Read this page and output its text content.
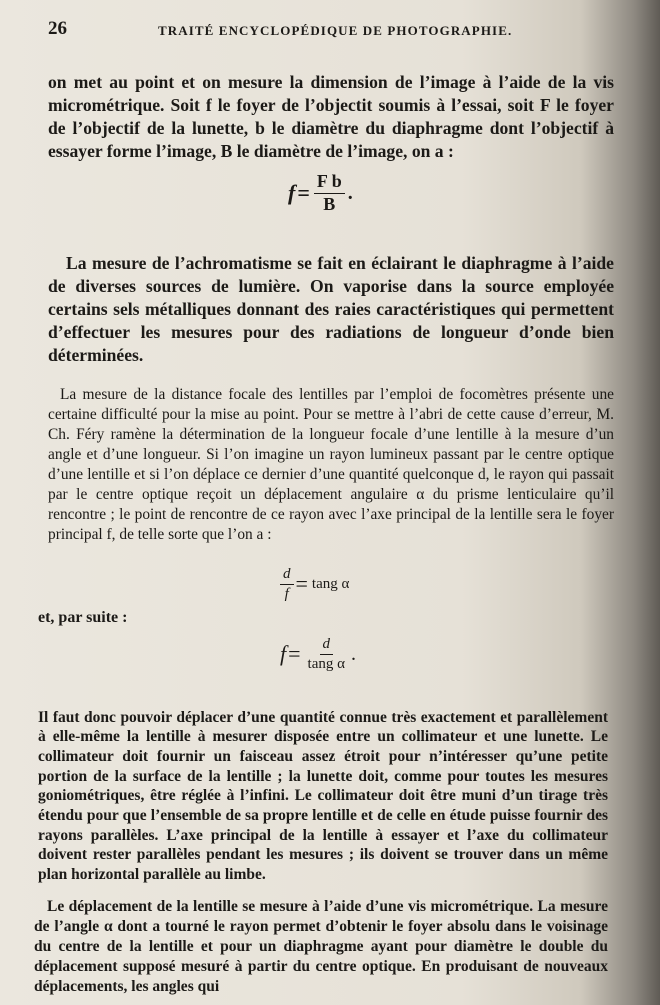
26	TRAITÉ ENCYCLOPÉDIQUE DE PHOTOGRAPHIE.

on met au point et on mesure la dimension de l’image à l’aide de la vis micrométrique. Soit f le foyer de l’objectit soumis à l’essai, soit F le foyer de l’objectif de la lunette, b le diamètre du diaphragme dont l’objectif à essayer forme l’image, B le diamètre de l’image, on a :

$f = \frac{\text{F b}}{B}$ .

La mesure de l’achromatisme se fait en éclairant le diaphragme à l’aide de diverses sources de lumière. On vaporise dans la source employée certains sels métalliques donnant des raies caractéristiques qui permettent d’effectuer les mesures pour des radiations de longueur d’onde bien déterminées.

La mesure de la distance focale des lentilles par l’emploi de focomètres présente une certaine difficulté pour la mise au point. Pour se mettre à l’abri de cette cause d’erreur, M. Ch. Féry ramène la détermination de la longueur focale d’une lentille à la mesure d’un angle et d’une longueur. Si l’on imagine un rayon lumineux passant par le centre optique d’une lentille et si l’on déplace ce dernier d’une quantité quelconque d, le rayon qui passait par le centre optique reçoit un déplacement angulaire α du prisme lenticulaire qu’il rencontre ; le point de rencontre de ce rayon avec l’axe principal de la lentille sera le foyer principal f, de telle sorte que l’on a :

$\frac{d}{f} = \tan g$ α
et, par suite :
$f = \frac{d}{\text{tang α}}$ .

Il faut donc pouvoir déplacer d’une quantité connue très exactement et parallèlement à elle-même la lentille à mesurer disposée entre un collimateur et une lunette. Le collimateur doit fournir un faisceau assez étroit pour n’intéresser qu’une petite portion de la surface de la lentille ; la lunette doit, comme pour toutes les mesures goniométriques, être réglée à l’infini. Le collimateur doit être muni d’un tirage très étendu pour que l’ensemble de sa propre lentille et de celle en étude puisse fournir des rayons parallèles. L’axe principal de la lentille à essayer et l’axe du collimateur doivent rester parallèles pendant les mesures ; ils doivent se trouver dans un même plan horizontal parallèle au limbe.

Le déplacement de la lentille se mesure à l’aide d’une vis micrométrique. La mesure de l’angle α dont a tourné le rayon permet d’obtenir le foyer absolu dans le voisinage du centre de la lentille et pour un diaphragme ayant pour diamètre le double du déplacement supposé mesuré à partir du centre optique. En produisant de nouveaux déplacements, les angles qui
